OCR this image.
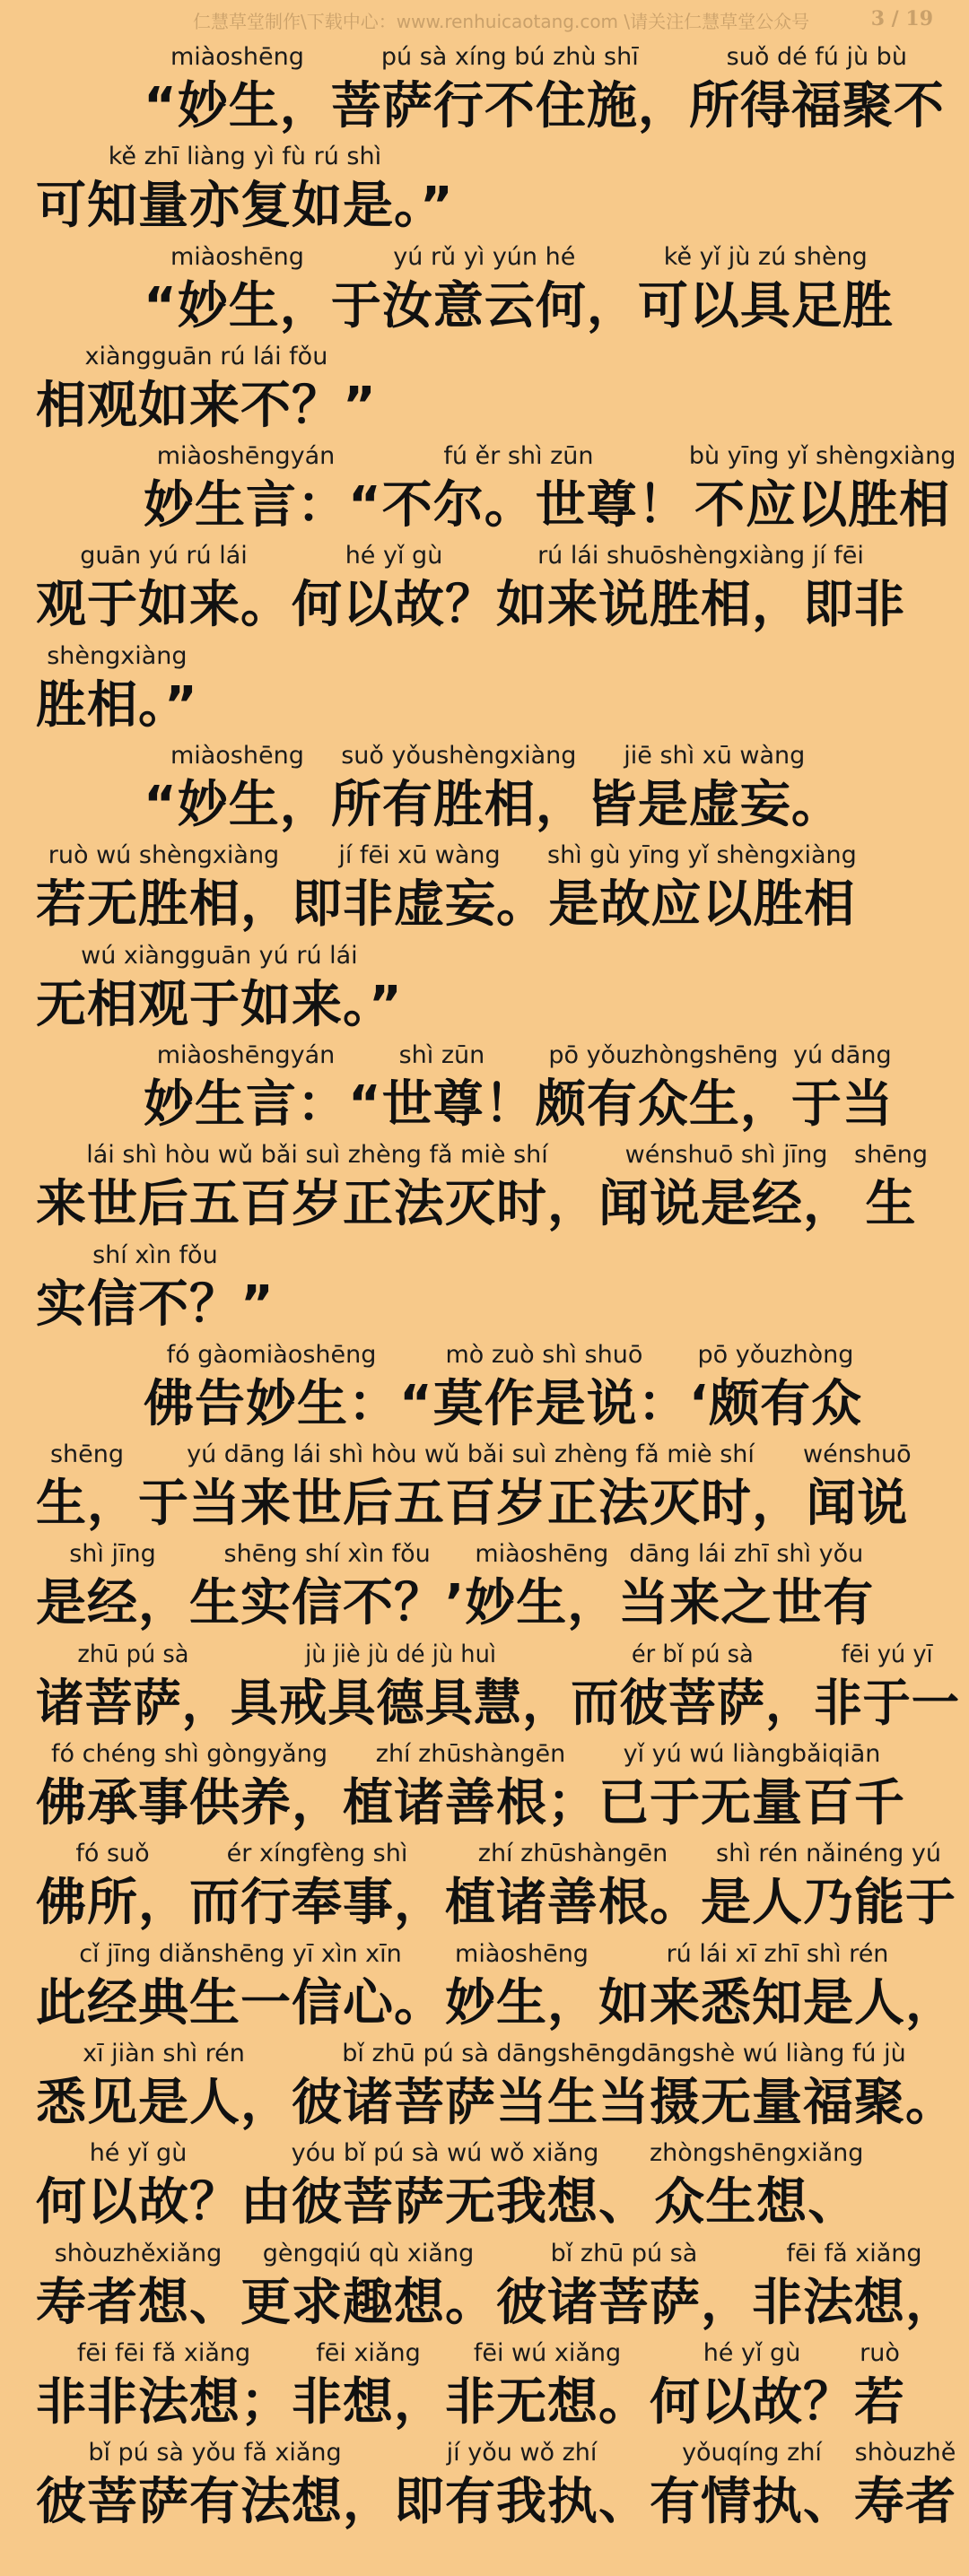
仁慧草堂制作\下载中心：www.renhuicaotang.com \请关注仁慧草堂公众号	3 / 19
miàoshēng
“妙生，
pú sà xíng bú zhù shī
菩萨行不住施，
suǒ dé fú jù bù
所得福聚不
kě zhī liàng yì fù rú shì
可知量亦复如是。”
miàoshēng
“妙生，
yú rǔ yì yún hé
于汝意云何，
kě yǐ jù zú shèng
可以具足胜
xiàngguān rú lái fǒu
相观如来不？”
miàoshēngyán
妙生言：
fú ěr shì zūn
“不尔。世尊！
bù yīng yǐ shèngxiàng
不应以胜相
guān yú rú lái
观于如来。
hé yǐ gù
何以故？
rú lái shuōshèngxiàng jí fēi
如来说胜相，即非
shèngxiàng
胜相。”
miàoshēng
“妙生，
suǒ yǒushèngxiàng
所有胜相，
jiē shì xū wàng
皆是虚妄。
ruò wú shèngxiàng
若无胜相，
jí fēi xū wàng
即非虚妄。
shì gù yīng yǐ shèngxiàng
是故应以胜相
wú xiàngguān yú rú lái
无相观于如来。”
miàoshēngyán
妙生言：
shì zūn
“世尊！
pō yǒuzhòngshēng
颇有众生，
yú dāng
于当
lái shì hòu wǔ bǎi suì zhèng fǎ miè shí
来世后五百岁正法灭时，
wénshuō shì jīng
闻说是经，
shēng
生
shí xìn fǒu
实信不？”
fó gàomiàoshēng
佛告妙生：
mò zuò shì shuō
“莫作是说：
pō yǒuzhòng
‘颇有众
shēng
生，
yú dāng lái shì hòu wǔ bǎi suì zhèng fǎ miè shí
于当来世后五百岁正法灭时，
wénshuō
闻说
shì jīng
是经，
shēng shí xìn fǒu
生实信不？’
miàoshēng
妙生，
dāng lái zhī shì yǒu
当来之世有
zhū pú sà
诸菩萨，
jù jiè jù dé jù huì
具戒具德具慧，
ér bǐ pú sà
而彼菩萨，
fēi yú yī
非于一
fó chéng shì gòngyǎng
佛承事供养，
zhí zhūshàngēn
植诸善根；
yǐ yú wú liàngbǎiqiān
已于无量百千
fó suǒ
佛所，
ér xíngfèng shì
而行奉事，
zhí zhūshàngēn
植诸善根。
shì rén nǎinéng yú
是人乃能于
cǐ jīng diǎnshēng yī xìn xīn
此经典生一信心。
miàoshēng
妙生，
rú lái xī zhī shì rén
如来悉知是人，
xī jiàn shì rén
悉见是人，
bǐ zhū pú sà dāngshēngdāngshè wú liàng fú jù
彼诸菩萨当生当摄无量福聚。
hé yǐ gù
何以故？
yóu bǐ pú sà wú wǒ xiǎng
由彼菩萨无我想、
zhòngshēngxiǎng
众生想、
shòuzhěxiǎng
寿者想、
gèngqiú qù xiǎng
更求趣想。
bǐ zhū pú sà
彼诸菩萨，
fēi fǎ xiǎng
非法想，
fēi fēi fǎ xiǎng
非非法想；
fēi xiǎng
非想，
fēi wú xiǎng
非无想。
hé yǐ gù
何以故？
ruò
若
bǐ pú sà yǒu fǎ xiǎng
彼菩萨有法想，
jí yǒu wǒ zhí
即有我执、
yǒuqíng zhí
有情执、
shòuzhě
寿者
